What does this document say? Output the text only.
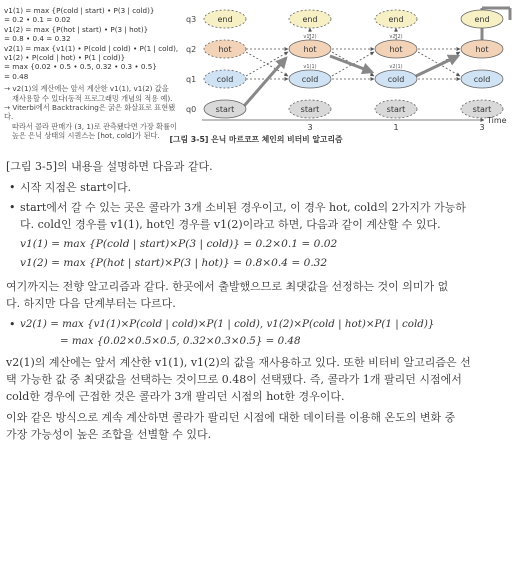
v1(1) = max {P(cold | start) • P(3 | cold)}
= 0.2 • 0.1 = 0.02
v1(2) = max {P(hot | start) • P(3 | hot)}
= 0.8 • 0.4 = 0.32
v2(1) = max {v1(1) • P(cold | cold) • P(1 | cold),
v1(2) • P(cold | hot) • P(1 | cold)}
= max {0.02 • 0.5 • 0.5, 0.32 • 0.3 • 0.5}
= 0.48
→ v2(1)의 계산에는 앞서 계산한 v1(1), v1(2) 값을
재사용할 수 있다(동적 프로그래밍 개념의 적용 예).
→ Viterbi에서 Backtracking은 굵은 화살표로 표현됐다.
따라서 콜라 판매가 (3, 1)로 관측됐다면 가장 확률이
높은 은닉 상태의 시퀀스는 [hot, cold]가 된다.
q3
q2
q1
q0 start
end
hot
cold
end
hot
v1(2)
cold
v1(1)
start
end
hot
v2(2)
cold
v2(1)
start
end
hot
cold
start
Time
3	1	3
[그림 3-5] 은닉 마르코프 체인의 비터비 알고리즘
[그림 3-5]의 내용을 설명하면 다음과 같다.
• 시작 지점은 start이다.
• start에서 갈 수 있는 곳은 콜라가 3개 소비된 경우이고, 이 경우 hot, cold의 2가지가 가능하
다. cold인 경우를 v1(1), hot인 경우를 v1(2)이라고 하면, 다음과 같이 계산할 수 있다.
v1(1) = max {P(cold | start)×P(3 | cold)} = 0.2×0.1 = 0.02
v1(2) = max {P(hot | start)×P(3 | hot)} = 0.8×0.4 = 0.32
여기까지는 전향 알고리즘과 같다. 한곳에서 출발했으므로 최댓값을 선정하는 것이 의미가 없
다. 하지만 다음 단계부터는 다르다.
• v2(1) = max {v1(1)×P(cold | cold)×P(1 | cold), v1(2)×P(cold | hot)×P(1 | cold)}
= max {0.02×0.5×0.5, 0.32×0.3×0.5} = 0.48
v2(1)의 계산에는 앞서 계산한 v1(1), v1(2)의 값을 재사용하고 있다. 또한 비터비 알고리즘은 선
택 가능한 값 중 최댓값을 선택하는 것이므로 0.48이 선택됐다. 즉, 콜라가 1개 팔리던 시점에서
cold한 경우에 근접한 것은 콜라가 3개 팔리던 시점의 hot한 경우이다.
이와 같은 방식으로 계속 계산하면 콜라가 팔리던 시점에 대한 데이터를 이용해 온도의 변화 중
가장 가능성이 높은 조합을 선별할 수 있다.
